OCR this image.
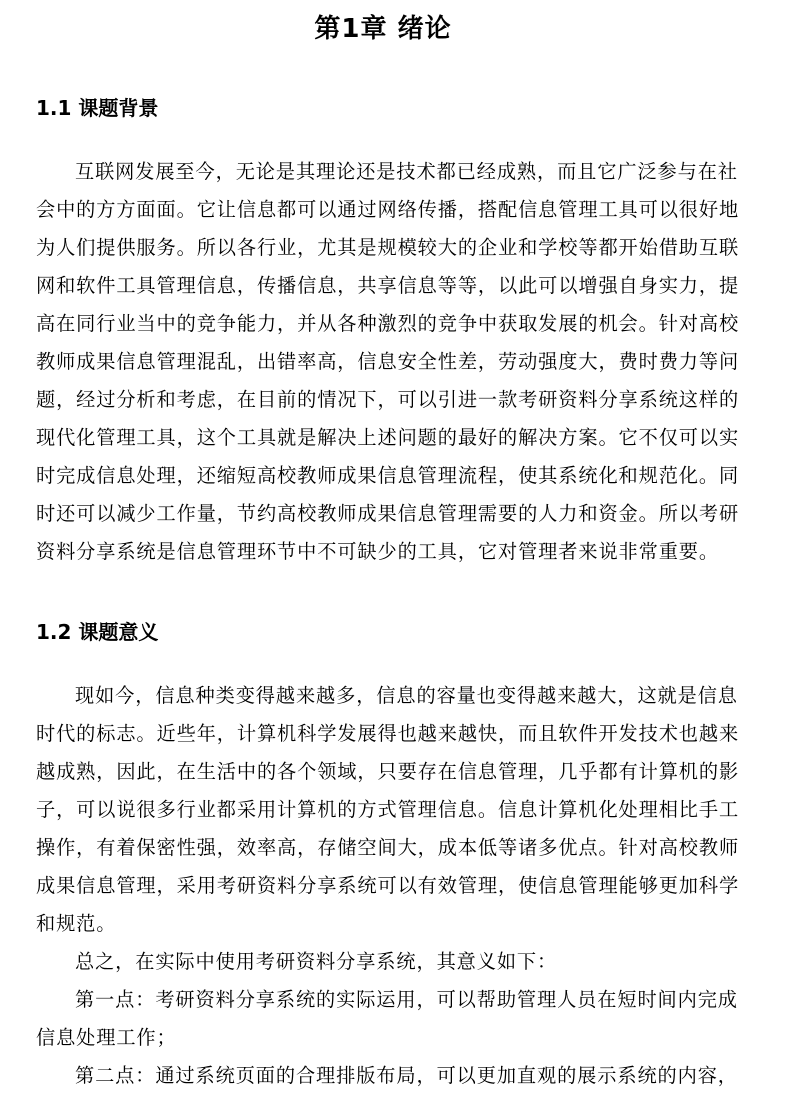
第1章 绪论
1.1 课题背景
互联网发展至今，无论是其理论还是技术都已经成熟，而且它广泛参与在社
会中的方方面面。它让信息都可以通过网络传播，搭配信息管理工具可以很好地
为人们提供服务。所以各行业，尤其是规模较大的企业和学校等都开始借助互联
网和软件工具管理信息，传播信息，共享信息等等，以此可以增强自身实力，提
高在同行业当中的竞争能力，并从各种激烈的竞争中获取发展的机会。针对高校
教师成果信息管理混乱，出错率高，信息安全性差，劳动强度大，费时费力等问
题，经过分析和考虑，在目前的情况下，可以引进一款考研资料分享系统这样的
现代化管理工具，这个工具就是解决上述问题的最好的解决方案。它不仅可以实
时完成信息处理，还缩短高校教师成果信息管理流程，使其系统化和规范化。同
时还可以减少工作量，节约高校教师成果信息管理需要的人力和资金。所以考研
资料分享系统是信息管理环节中不可缺少的工具，它对管理者来说非常重要。
1.2 课题意义
现如今，信息种类变得越来越多，信息的容量也变得越来越大，这就是信息
时代的标志。近些年，计算机科学发展得也越来越快，而且软件开发技术也越来
越成熟，因此，在生活中的各个领域，只要存在信息管理，几乎都有计算机的影
子，可以说很多行业都采用计算机的方式管理信息。信息计算机化处理相比手工
操作，有着保密性强，效率高，存储空间大，成本低等诸多优点。针对高校教师
成果信息管理，采用考研资料分享系统可以有效管理，使信息管理能够更加科学
和规范。
总之，在实际中使用考研资料分享系统，其意义如下：
第一点：考研资料分享系统的实际运用，可以帮助管理人员在短时间内完成
信息处理工作；
第二点：通过系统页面的合理排版布局，可以更加直观的展示系统的内容，
